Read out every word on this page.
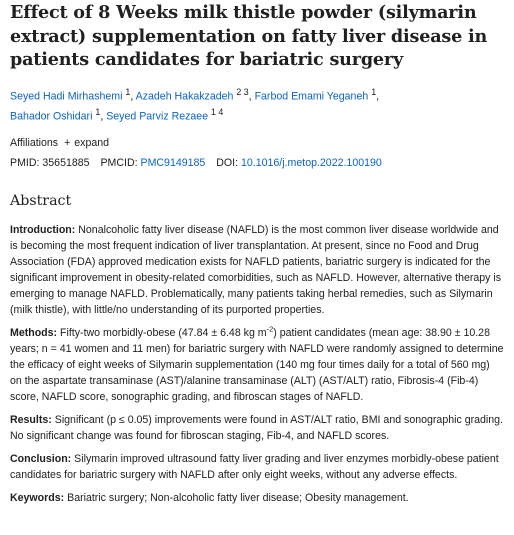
Effect of 8 Weeks milk thistle powder (silymarin extract) supplementation on fatty liver disease in patients candidates for bariatric surgery
Seyed Hadi Mirhashemi $^1$, Azadeh Hakakzadeh $^{2 3}$, Farbod Emami Yeganeh $^1$,
Bahador Oshidari $^1$, Seyed Parviz Rezaee $^{1 4}$
Affiliations + expand
PMID: 35651885 PMCID: PMC9149185 DOI: 10.1016/j.metop.2022.100190
Abstract

Introduction: Nonalcoholic fatty liver disease (NAFLD) is the most common liver disease worldwide and is becoming the most frequent indication of liver transplantation. At present, since no Food and Drug Association (FDA) approved medication exists for NAFLD patients, bariatric surgery is indicated for the significant improvement in obesity-related comorbidities, such as NAFLD. However, alternative therapy is emerging to manage NAFLD. Problematically, many patients taking herbal remedies, such as Silymarin (milk thistle), with little/no understanding of its purported properties.

Methods: Fifty-two morbidly-obese (47.84 ± 6.48 kg $m^{-2}$) patient candidates (mean age: 38.90 ± 10.28 years; n = 41 women and 11 men) for bariatric surgery with NAFLD were randomly assigned to determine the efficacy of eight weeks of Silymarin supplementation (140 mg four times daily for a total of 560 mg) on the aspartate transaminase (AST)/alanine transaminase (ALT) (AST/ALT) ratio, Fibrosis-4 (Fib-4) score, NAFLD score, sonographic grading, and fibroscan stages of NAFLD.

Results: Significant (p ≤ 0.05) improvements were found in AST/ALT ratio, BMI and sonographic grading. No significant change was found for fibroscan staging, Fib-4, and NAFLD scores.

Conclusion: Silymarin improved ultrasound fatty liver grading and liver enzymes morbidly-obese patient candidates for bariatric surgery with NAFLD after only eight weeks, without any adverse effects.

Keywords: Bariatric surgery; Non-alcoholic fatty liver disease; Obesity management.
